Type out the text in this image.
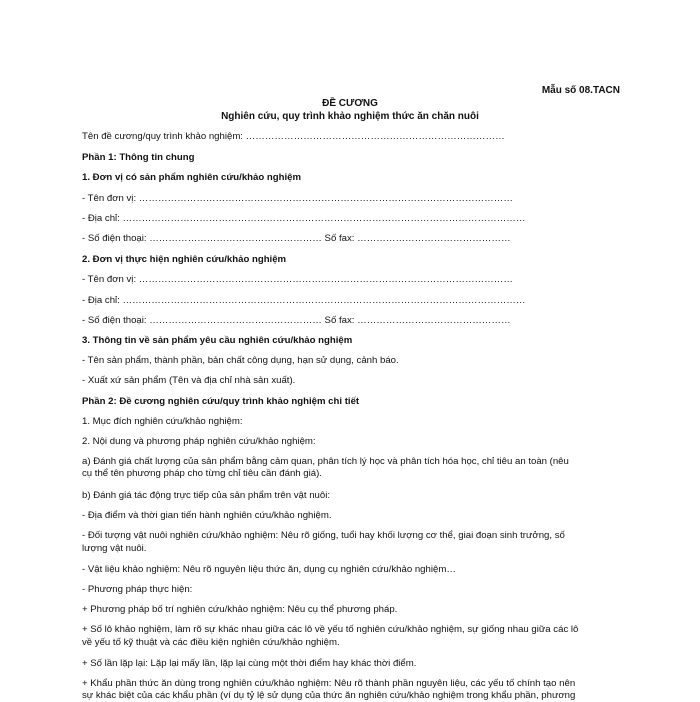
Mẫu số 08.TACN
ĐỀ CƯƠNG
Nghiên cứu, quy trình khảo nghiệm thức ăn chăn nuôi
Tên đề cương/quy trình khảo nghiệm: ………………………………………………………………………
Phần 1: Thông tin chung
1. Đơn vị có sản phẩm nghiên cứu/khảo nghiệm
- Tên đơn vị: ………………………………………………………………………………………………………
- Địa chỉ: ………………………………………………………………………………………………………………
- Số điện thoại: ……………………………………………… Số fax: …………………………………………
2. Đơn vị thực hiện nghiên cứu/khảo nghiệm
- Tên đơn vị: ………………………………………………………………………………………………………
- Địa chỉ: ………………………………………………………………………………………………………………
- Số điện thoại: ……………………………………………… Số fax: …………………………………………
3. Thông tin về sản phẩm yêu cầu nghiên cứu/khảo nghiệm
- Tên sản phẩm, thành phần, bản chất công dụng, hạn sử dụng, cảnh báo.
- Xuất xứ sản phẩm (Tên và địa chỉ nhà sản xuất).
Phần 2: Đề cương nghiên cứu/quy trình khảo nghiệm chi tiết
1. Mục đích nghiên cứu/khảo nghiệm:
2. Nội dung và phương pháp nghiên cứu/khảo nghiệm:
a) Đánh giá chất lượng của sản phẩm bằng cảm quan, phân tích lý học và phân tích hóa học, chỉ tiêu an toàn (nêu
cụ thể tên phương pháp cho từng chỉ tiêu cần đánh giá).
b) Đánh giá tác động trực tiếp của sản phẩm trên vật nuôi:
- Địa điểm và thời gian tiến hành nghiên cứu/khảo nghiệm.
- Đối tượng vật nuôi nghiên cứu/khảo nghiệm: Nêu rõ giống, tuổi hay khối lượng cơ thể, giai đoạn sinh trưởng, số
lượng vật nuôi.
- Vật liệu khảo nghiệm: Nêu rõ nguyên liệu thức ăn, dụng cụ nghiên cứu/khảo nghiệm…
- Phương pháp thực hiện:
+ Phương pháp bố trí nghiên cứu/khảo nghiệm: Nêu cụ thể phương pháp.
+ Số lô khảo nghiệm, làm rõ sự khác nhau giữa các lô về yếu tố nghiên cứu/khảo nghiệm, sự giống nhau giữa các lô
về yếu tố kỹ thuật và các điều kiện nghiên cứu/khảo nghiệm.
+ Số lần lặp lại: Lặp lại mấy lần, lặp lại cùng một thời điểm hay khác thời điểm.
+ Khẩu phần thức ăn dùng trong nghiên cứu/khảo nghiệm: Nêu rõ thành phần nguyên liệu, các yếu tố chính tạo nên
sự khác biệt của các khẩu phần (ví dụ tỷ lệ sử dụng của thức ăn nghiên cứu/khảo nghiệm trong khẩu phần, phương
